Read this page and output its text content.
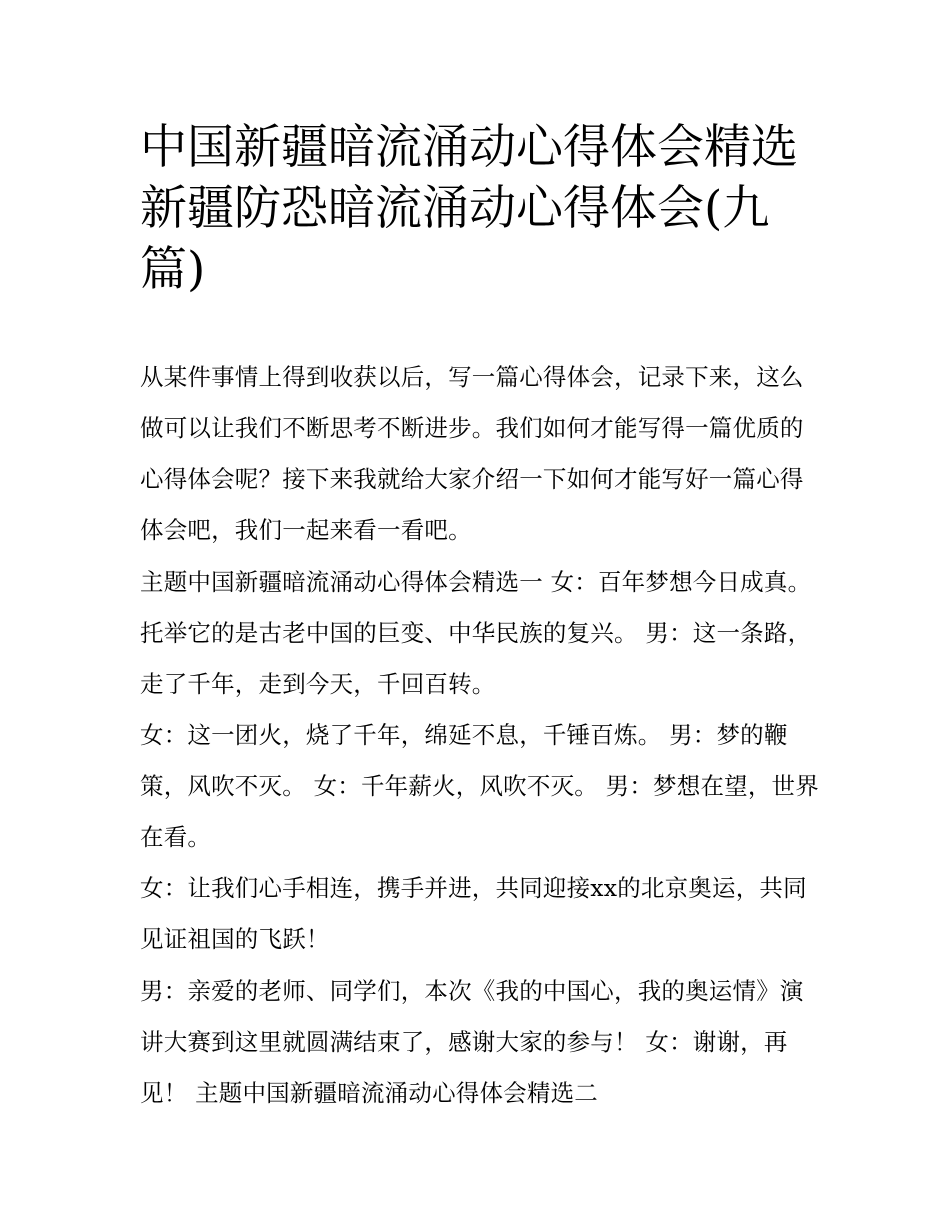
中国新疆暗流涌动心得体会精选 新疆防恐暗流涌动心得体会(九篇)

从某件事情上得到收获以后，写一篇心得体会，记录下来，这么做可以让我们不断思考不断进步。我们如何才能写得一篇优质的心得体会呢？接下来我就给大家介绍一下如何才能写好一篇心得体会吧，我们一起来看一看吧。

主题中国新疆暗流涌动心得体会精选一 女：百年梦想今日成真。托举它的是古老中国的巨变、中华民族的复兴。 男：这一条路，走了千年，走到今天，千回百转。

女：这一团火，烧了千年，绵延不息，千锤百炼。 男：梦的鞭策，风吹不灭。 女：千年薪火，风吹不灭。 男：梦想在望，世界在看。

女：让我们心手相连，携手并进，共同迎接xx的北京奥运，共同见证祖国的飞跃！

男：亲爱的老师、同学们，本次《我的中国心，我的奥运情》演讲大赛到这里就圆满结束了，感谢大家的参与！ 女：谢谢，再见！ 主题中国新疆暗流涌动心得体会精选二
